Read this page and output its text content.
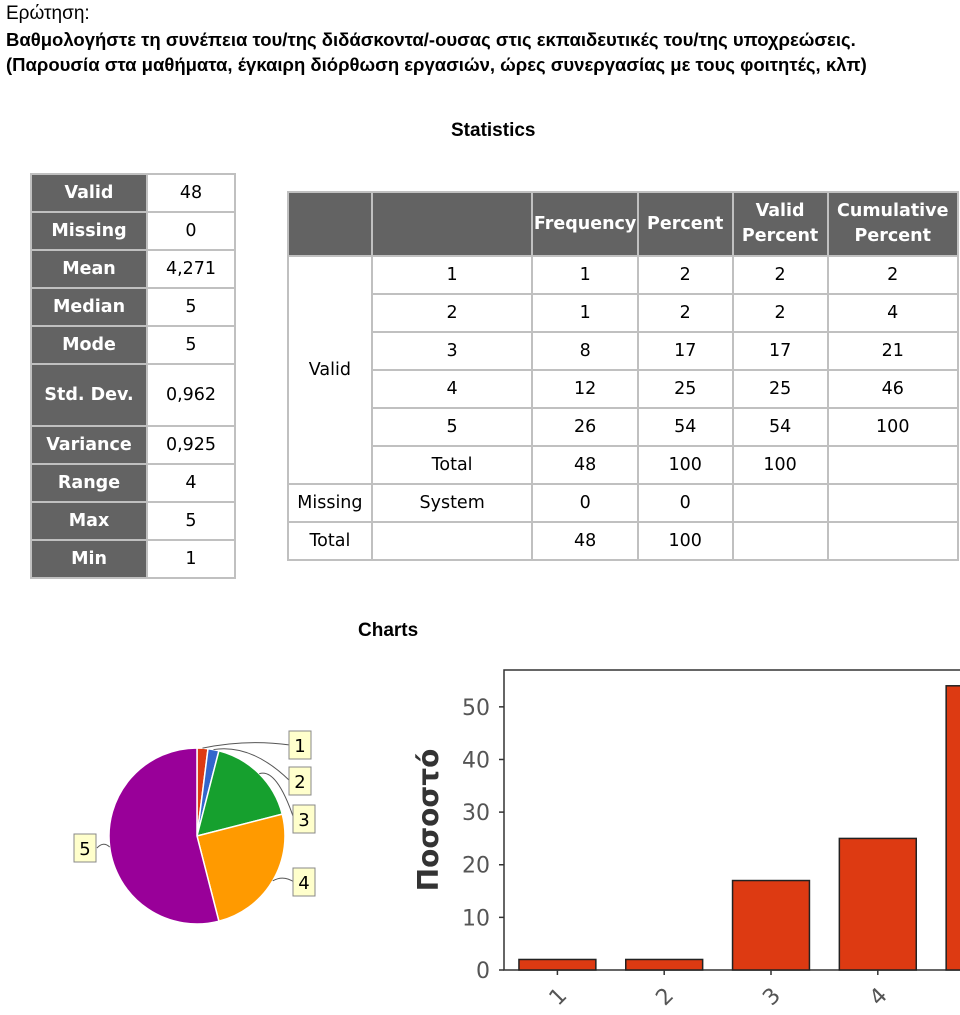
Ερώτηση:
Βαθμολογήστε τη συνέπεια του/της διδάσκοντα/-ουσας στις εκπαιδευτικές του/της υποχρεώσεις.
(Παρουσία στα μαθήματα, έγκαιρη διόρθωση εργασιών, ώρες συνεργασίας με τους φοιτητές, κλπ)
Statistics
Valid	48
Missing	0
Mean	4,271
Median	5
Mode	5
Std. Dev.	0,962
Variance	0,925
Range	4
Max	5
Min	1
		Frequency	Percent	Valid Percent	Cumulative Percent
Valid	1	1	2	2	2
	2	1	2	2	4
	3	8	17	17	21
	4	12	25	25	46
	5	26	54	54	100
	Total	48	100	100	
Missing	System	0	0		
Total		48	100		
Charts
1
2
3
4
5
0
10
20
30
40
50
1	2	3	4
Ποσοστό
